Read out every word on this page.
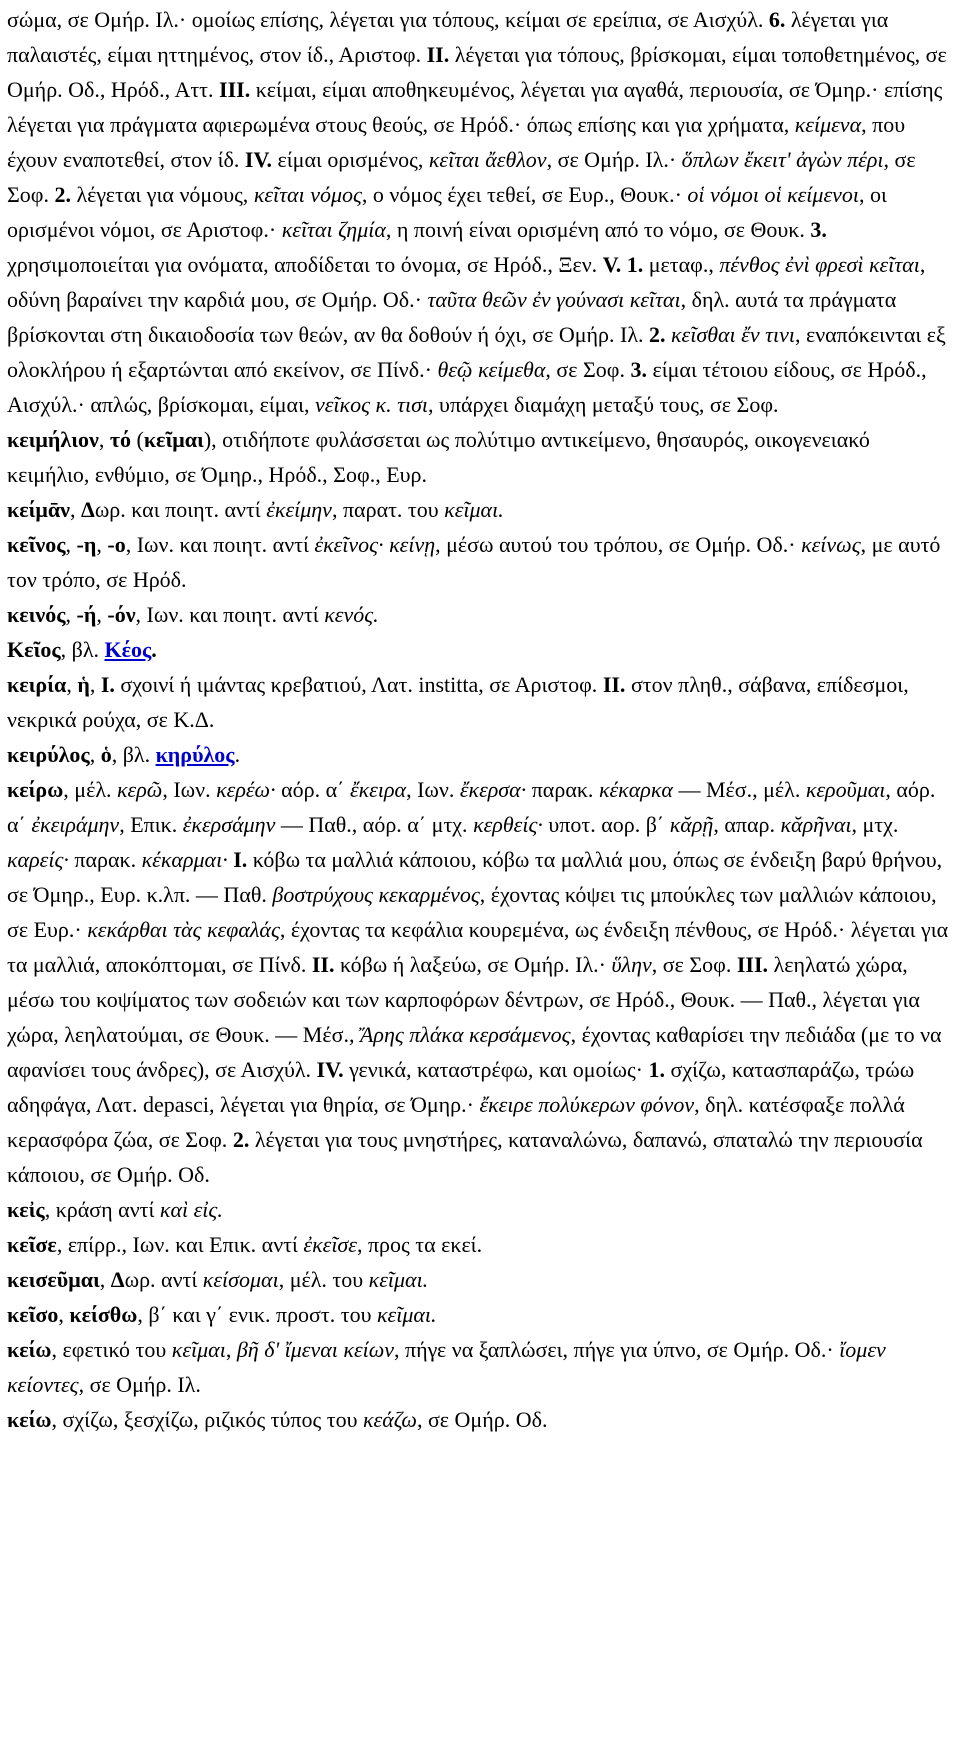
σώμα, σε Ομήρ. Ιλ.· ομοίως επίσης, λέγεται για τόπους, κείμαι σε ερείπια, σε Αισχύλ. 6. λέγεται για παλαιστές, είμαι ηττημένος, στον ίδ., Αριστοφ. II. λέγεται για τόπους, βρίσκομαι, είμαι τοποθετημένος, σε Ομήρ. Οδ., Ηρόδ., Αττ. III. κείμαι, είμαι αποθηκευμένος, λέγεται για αγαθά, περιουσία, σε Όμηρ.· επίσης λέγεται για πράγματα αφιερωμένα στους θεούς, σε Ηρόδ.· όπως επίσης και για χρήματα, κείμενα, που έχουν εναποτεθεί, στον ίδ. IV. είμαι ορισμένος, κεῖται ἄεθλον, σε Ομήρ. Ιλ.· ὅπλων ἔκειτ' ἀγὼν πέρι, σε Σοφ. 2. λέγεται για νόμους, κεῖται νόμος, ο νόμος έχει τεθεί, σε Ευρ., Θουκ.· οἱ νόμοι οἱ κείμενοι, οι ορισμένοι νόμοι, σε Αριστοφ.· κεῖται ζημία, η ποινή είναι ορισμένη από το νόμο, σε Θουκ. 3. χρησιμοποιείται για ονόματα, αποδίδεται το όνομα, σε Ηρόδ., Ξεν. V. 1. μεταφ., πένθος ἐνὶ φρεσὶ κεῖται, οδύνη βαραίνει την καρδιά μου, σε Ομήρ. Οδ.· ταῦτα θεῶν ἐν γούνασι κεῖται, δηλ. αυτά τα πράγματα βρίσκονται στη δικαιοδοσία των θεών, αν θα δοθούν ή όχι, σε Ομήρ. Ιλ. 2. κεῖσθαι ἔν τινι, εναπόκεινται εξ ολοκλήρου ή εξαρτώνται από εκείνον, σε Πίνδ.· θεῷ κείμεθα, σε Σοφ. 3. είμαι τέτοιου είδους, σε Ηρόδ., Αισχύλ.· απλώς, βρίσκομαι, είμαι, νεῖκος κ. τισι, υπάρχει διαμάχη μεταξύ τους, σε Σοφ.

κειμήλιον, τό (κεῖμαι), οτιδήποτε φυλάσσεται ως πολύτιμο αντικείμενο, θησαυρός, οικογενειακό κειμήλιο, ενθύμιο, σε Όμηρ., Ηρόδ., Σοφ., Ευρ.

κείμᾱν, Δωρ. και ποιητ. αντί ἐκείμην, παρατ. του κεῖμαι.

κεῖνος, -η, -ο, Ιων. και ποιητ. αντί ἐκεῖνος· κείνῃ, μέσω αυτού του τρόπου, σε Ομήρ. Οδ.· κείνως, με αυτό τον τρόπο, σε Ηρόδ.

κεινός, -ή, -όν, Ιων. και ποιητ. αντί κενός.

Κεῖος, βλ. Κέος.

κειρία, ἡ, I. σχοινί ή ιμάντας κρεβατιού, Λατ. institta, σε Αριστοφ. II. στον πληθ., σάβανα, επίδεσμοι, νεκρικά ρούχα, σε Κ.Δ.

κειρύλος, ὁ, βλ. κηρύλος.

κείρω, μέλ. κερῶ, Ιων. κερέω· αόρ. α΄ ἔκειρα, Ιων. ἔκερσα· παρακ. κέκαρκα — Μέσ., μέλ. κεροῦμαι, αόρ. α΄ ἐκειράμην, Επικ. ἐκερσάμην — Παθ., αόρ. α΄ μτχ. κερθείς· υποτ. αορ. β΄ κᾰρῇ, απαρ. κᾰρῆναι, μτχ. καρείς· παρακ. κέκαρμαι· I. κόβω τα μαλλιά κάποιου, κόβω τα μαλλιά μου, όπως σε ένδειξη βαρύ θρήνου, σε Όμηρ., Ευρ. κ.λπ. — Παθ. βοστρύχους κεκαρμένος, έχοντας κόψει τις μπούκλες των μαλλιών κάποιου, σε Ευρ.· κεκάρθαι τὰς κεφαλάς, έχοντας τα κεφάλια κουρεμένα, ως ένδειξη πένθους, σε Ηρόδ.· λέγεται για τα μαλλιά, αποκόπτομαι, σε Πίνδ. II. κόβω ή λαξεύω, σε Ομήρ. Ιλ.· ὕλην, σε Σοφ. III. λεηλατώ χώρα, μέσω του κοψίματος των σοδειών και των καρποφόρων δέντρων, σε Ηρόδ., Θουκ. — Παθ., λέγεται για χώρα, λεηλατούμαι, σε Θουκ. — Μέσ., Ἄρης πλάκα κερσάμενος, έχοντας καθαρίσει την πεδιάδα (με το να αφανίσει τους άνδρες), σε Αισχύλ. IV. γενικά, καταστρέφω, και ομοίως· 1. σχίζω, κατασπαράζω, τρώω αδηφάγα, Λατ. depasci, λέγεται για θηρία, σε Όμηρ.· ἔκειρε πολύκερων φόνον, δηλ. κατέσφαξε πολλά κερασφόρα ζώα, σε Σοφ. 2. λέγεται για τους μνηστήρες, καταναλώνω, δαπανώ, σπαταλώ την περιουσία κάποιου, σε Ομήρ. Οδ.

κεἰς, κράση αντί καὶ εἰς.

κεῖσε, επίρρ., Ιων. και Επικ. αντί ἐκεῖσε, προς τα εκεί.

κεισεῦμαι, Δωρ. αντί κείσομαι, μέλ. του κεῖμαι.

κεῖσο, κείσθω, β΄ και γ΄ ενικ. προστ. του κεῖμαι.

κείω, εφετικό του κεῖμαι, βῆ δ' ἴμεναι κείων, πήγε να ξαπλώσει, πήγε για ύπνο, σε Ομήρ. Οδ.· ἴομεν κείοντες, σε Ομήρ. Ιλ.

κείω, σχίζω, ξεσχίζω, ριζικός τύπος του κεάζω, σε Ομήρ. Οδ.
